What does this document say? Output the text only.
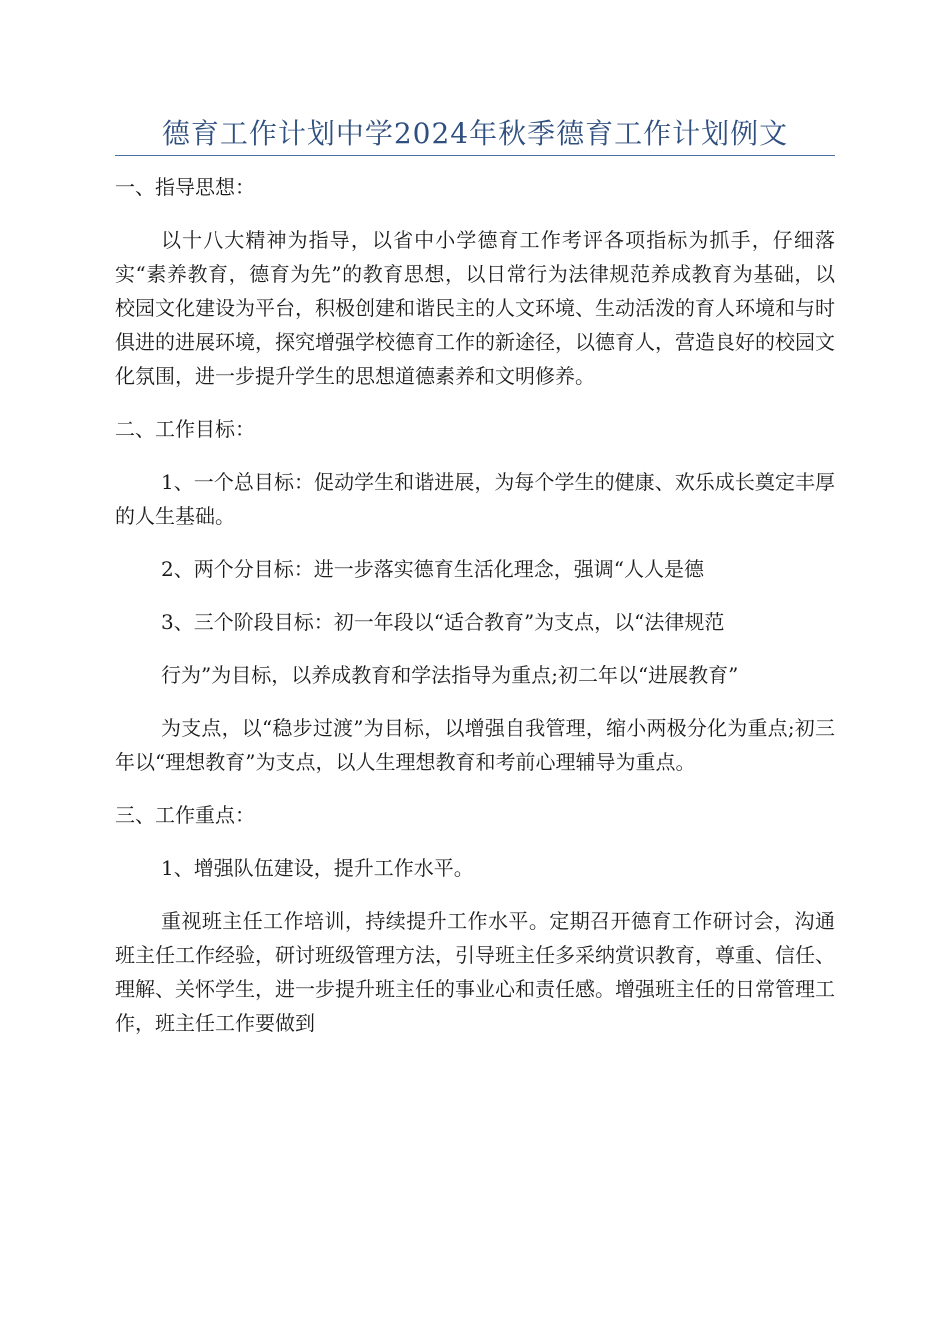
德育工作计划中学2024年秋季德育工作计划例文

一、指导思想：

以十八大精神为指导，以省中小学德育工作考评各项指标为抓手，仔细落实“素养教育，德育为先”的教育思想，以日常行为法律规范养成教育为基础，以校园文化建设为平台，积极创建和谐民主的人文环境、生动活泼的育人环境和与时俱进的进展环境，探究增强学校德育工作的新途径，以德育人，营造良好的校园文化氛围，进一步提升学生的思想道德素养和文明修养。

二、工作目标：

1、一个总目标：促动学生和谐进展，为每个学生的健康、欢乐成长奠定丰厚的人生基础。

2、两个分目标：进一步落实德育生活化理念，强调“人人是德

3、三个阶段目标：初一年段以“适合教育”为支点，以“法律规范

行为”为目标，以养成教育和学法指导为重点;初二年以“进展教育”

为支点，以“稳步过渡”为目标，以增强自我管理，缩小两极分化为重点;初三年以“理想教育”为支点，以人生理想教育和考前心理辅导为重点。

三、工作重点：

1、增强队伍建设，提升工作水平。

重视班主任工作培训，持续提升工作水平。定期召开德育工作研讨会，沟通班主任工作经验，研讨班级管理方法，引导班主任多采纳赏识教育，尊重、信任、理解、关怀学生，进一步提升班主任的事业心和责任感。增强班主任的日常管理工作，班主任工作要做到
